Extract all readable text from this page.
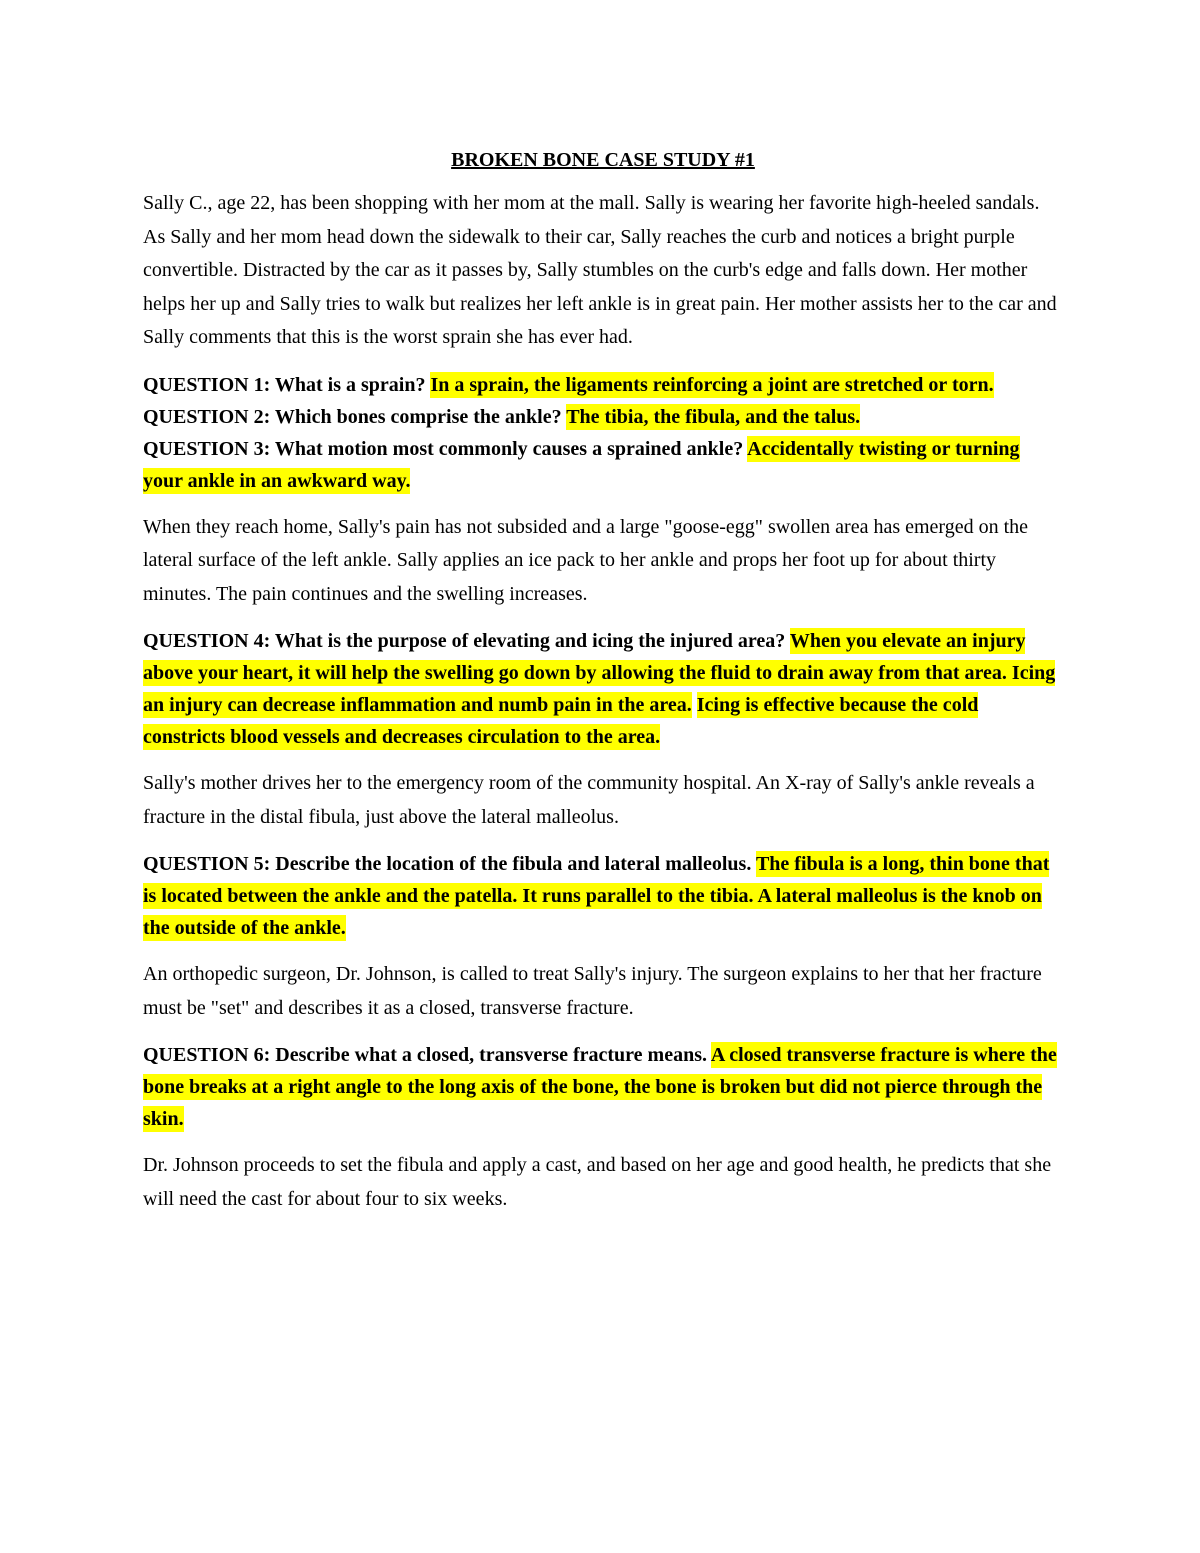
BROKEN BONE CASE STUDY #1

Sally C., age 22, has been shopping with her mom at the mall. Sally is wearing her favorite high-heeled sandals. As Sally and her mom head down the sidewalk to their car, Sally reaches the curb and notices a bright purple convertible. Distracted by the car as it passes by, Sally stumbles on the curb's edge and falls down. Her mother helps her up and Sally tries to walk but realizes her left ankle is in great pain. Her mother assists her to the car and Sally comments that this is the worst sprain she has ever had.

QUESTION 1: What is a sprain? In a sprain, the ligaments reinforcing a joint are stretched or torn.

QUESTION 2: Which bones comprise the ankle? The tibia, the fibula, and the talus.

QUESTION 3: What motion most commonly causes a sprained ankle? Accidentally twisting or turning your ankle in an awkward way.

When they reach home, Sally's pain has not subsided and a large "goose-egg" swollen area has emerged on the lateral surface of the left ankle. Sally applies an ice pack to her ankle and props her foot up for about thirty minutes. The pain continues and the swelling increases.

QUESTION 4: What is the purpose of elevating and icing the injured area? When you elevate an injury above your heart, it will help the swelling go down by allowing the fluid to drain away from that area. Icing an injury can decrease inflammation and numb pain in the area. Icing is effective because the cold constricts blood vessels and decreases circulation to the area.

Sally's mother drives her to the emergency room of the community hospital. An X-ray of Sally's ankle reveals a fracture in the distal fibula, just above the lateral malleolus.

QUESTION 5: Describe the location of the fibula and lateral malleolus. The fibula is a long, thin bone that is located between the ankle and the patella. It runs parallel to the tibia. A lateral malleolus is the knob on the outside of the ankle.

An orthopedic surgeon, Dr. Johnson, is called to treat Sally's injury. The surgeon explains to her that her fracture must be "set" and describes it as a closed, transverse fracture.

QUESTION 6: Describe what a closed, transverse fracture means. A closed transverse fracture is where the bone breaks at a right angle to the long axis of the bone, the bone is broken but did not pierce through the skin.

Dr. Johnson proceeds to set the fibula and apply a cast, and based on her age and good health, he predicts that she will need the cast for about four to six weeks.
